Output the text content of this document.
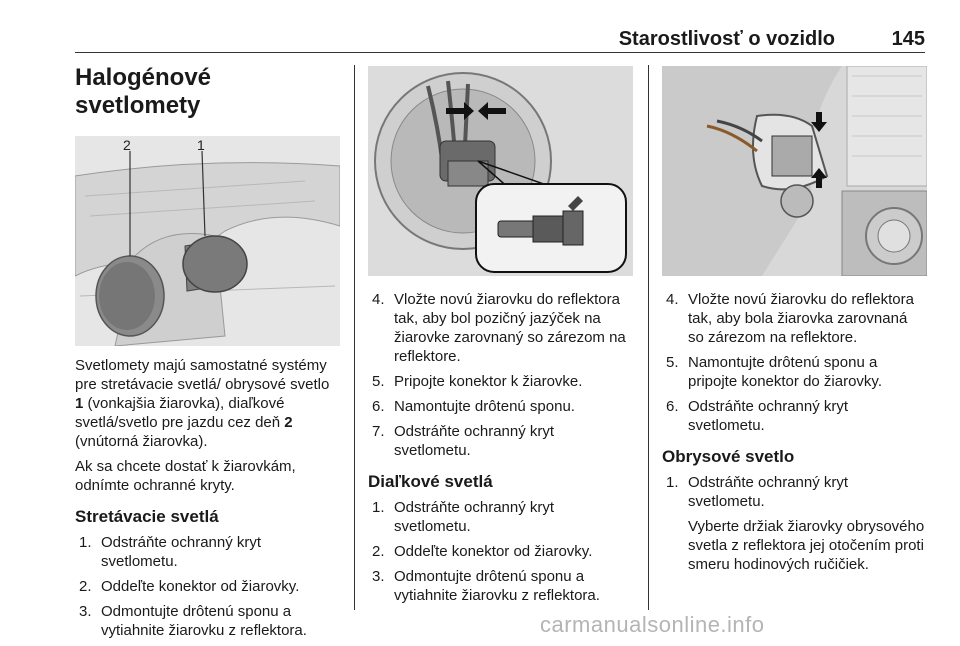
Starostlivosť o vozidlo	145
Halogénové svetlomety
2	1

Svetlomety majú samostatné systémy pre stretávacie svetlá/ obrysové svetlo 1 (vonkajšia žiarovka), diaľkové svetlá/svetlo pre jazdu cez deň 2 (vnútorná žiarovka).

Ak sa chcete dostať k žiarovkám, odnímte ochranné kryty.

Stretávacie svetlá
1. Odstráňte ochranný kryt svetlometu.
2. Oddeľte konektor od žiarovky.
3. Odmontujte drôtenú sponu a vytiahnite žiarovku z reflektora.
4. Vložte novú žiarovku do reflektora tak, aby bol pozičný jazýček na žiarovke zarovnaný so zárezom na reflektore.
5. Pripojte konektor k žiarovke.
6. Namontujte drôtenú sponu.
7. Odstráňte ochranný kryt svetlometu.
Diaľkové svetlá
1. Odstráňte ochranný kryt svetlometu.
2. Oddeľte konektor od žiarovky.
3. Odmontujte drôtenú sponu a vytiahnite žiarovku z reflektora.
4. Vložte novú žiarovku do reflektora tak, aby bola žiarovka zarovnaná so zárezom na reflektore.
5. Namontujte drôtenú sponu a pripojte konektor do žiarovky.
6. Odstráňte ochranný kryt svetlometu.
Obrysové svetlo
1. Odstráňte ochranný kryt svetlometu.
Vyberte držiak žiarovky obrysového svetla z reflektora jej otočením proti smeru hodinových ručičiek.
carmanualsonline.info
